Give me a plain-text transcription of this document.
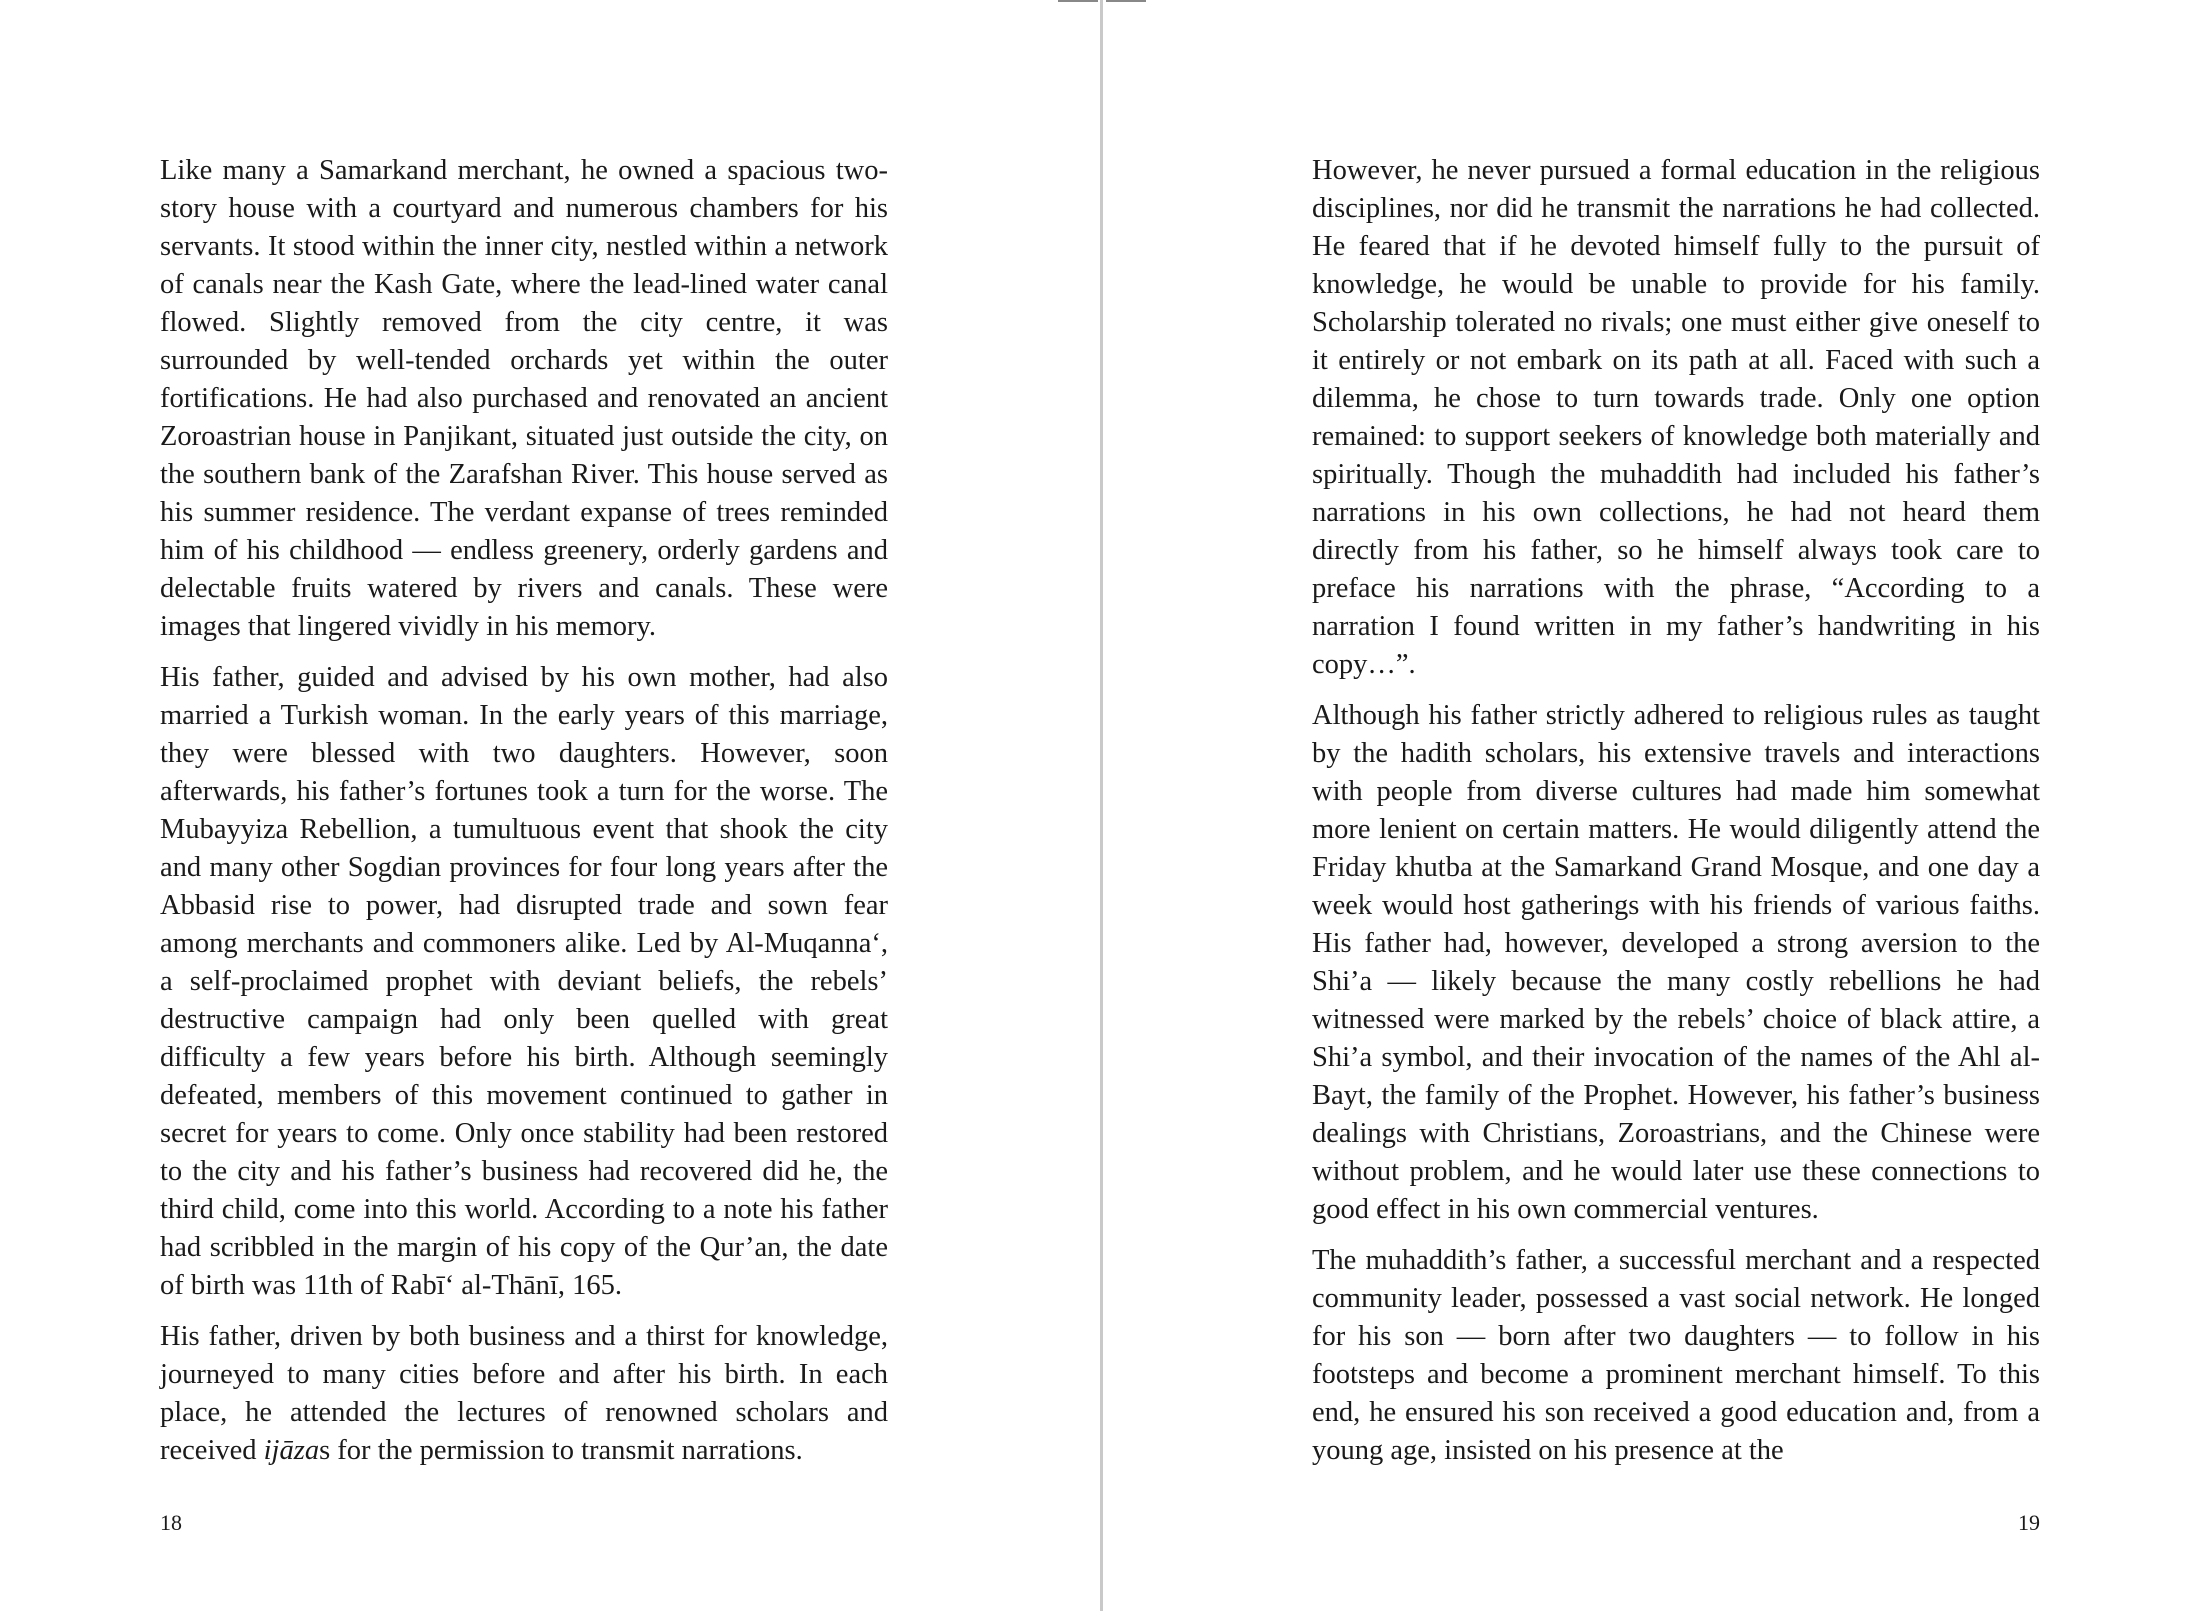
Like many a Samarkand merchant, he owned a spacious two-story house with a courtyard and numerous chambers for his servants. It stood within the inner city, nestled within a network of canals near the Kash Gate, where the lead-lined water canal flowed. Slightly removed from the city centre, it was surrounded by well-tended orchards yet within the outer fortifications. He had also purchased and renovated an ancient Zoroastrian house in Panjikant, situated just outside the city, on the southern bank of the Zarafshan River. This house served as his summer residence. The verdant expanse of trees reminded him of his childhood — endless greenery, orderly gardens and delectable fruits watered by rivers and canals. These were images that lingered vividly in his memory.

His father, guided and advised by his own mother, had also married a Turkish woman. In the early years of this marriage, they were blessed with two daughters. However, soon afterwards, his father’s fortunes took a turn for the worse. The Mubayyiza Rebellion, a tumultuous event that shook the city and many other Sogdian provinces for four long years after the Abbasid rise to power, had disrupted trade and sown fear among merchants and commoners alike. Led by Al-Muqanna‘, a self-proclaimed prophet with deviant beliefs, the rebels’ destructive campaign had only been quelled with great difficulty a few years before his birth. Although seemingly defeated, members of this movement continued to gather in secret for years to come. Only once stability had been restored to the city and his father’s business had recovered did he, the third child, come into this world. According to a note his father had scribbled in the margin of his copy of the Qur’an, the date of birth was 11th of Rabī‘ al-Thānī, 165.

His father, driven by both business and a thirst for knowledge, journeyed to many cities before and after his birth. In each place, he attended the lectures of renowned scholars and received ijāzas for the permission to transmit narrations.

However, he never pursued a formal education in the religious disciplines, nor did he transmit the narrations he had collected. He feared that if he devoted himself fully to the pursuit of knowledge, he would be unable to provide for his family. Scholarship tolerated no rivals; one must either give oneself to it entirely or not embark on its path at all. Faced with such a dilemma, he chose to turn towards trade. Only one option remained: to support seekers of knowledge both materially and spiritually. Though the muhaddith had included his father’s narrations in his own collections, he had not heard them directly from his father, so he himself always took care to preface his narrations with the phrase, “According to a narration I found written in my father’s handwriting in his copy…”.

Although his father strictly adhered to religious rules as taught by the hadith scholars, his extensive travels and interactions with people from diverse cultures had made him somewhat more lenient on certain matters. He would diligently attend the Friday khutba at the Samarkand Grand Mosque, and one day a week would host gatherings with his friends of various faiths. His father had, however, developed a strong aversion to the Shi’a — likely because the many costly rebellions he had witnessed were marked by the rebels’ choice of black attire, a Shi’a symbol, and their invocation of the names of the Ahl al-Bayt, the family of the Prophet. However, his father’s business dealings with Christians, Zoroastrians, and the Chinese were without problem, and he would later use these connections to good effect in his own commercial ventures.

The muhaddith’s father, a successful merchant and a respected community leader, possessed a vast social network. He longed for his son — born after two daughters — to follow in his footsteps and become a prominent merchant himself. To this end, he ensured his son received a good education and, from a young age, insisted on his presence at the

18	19
